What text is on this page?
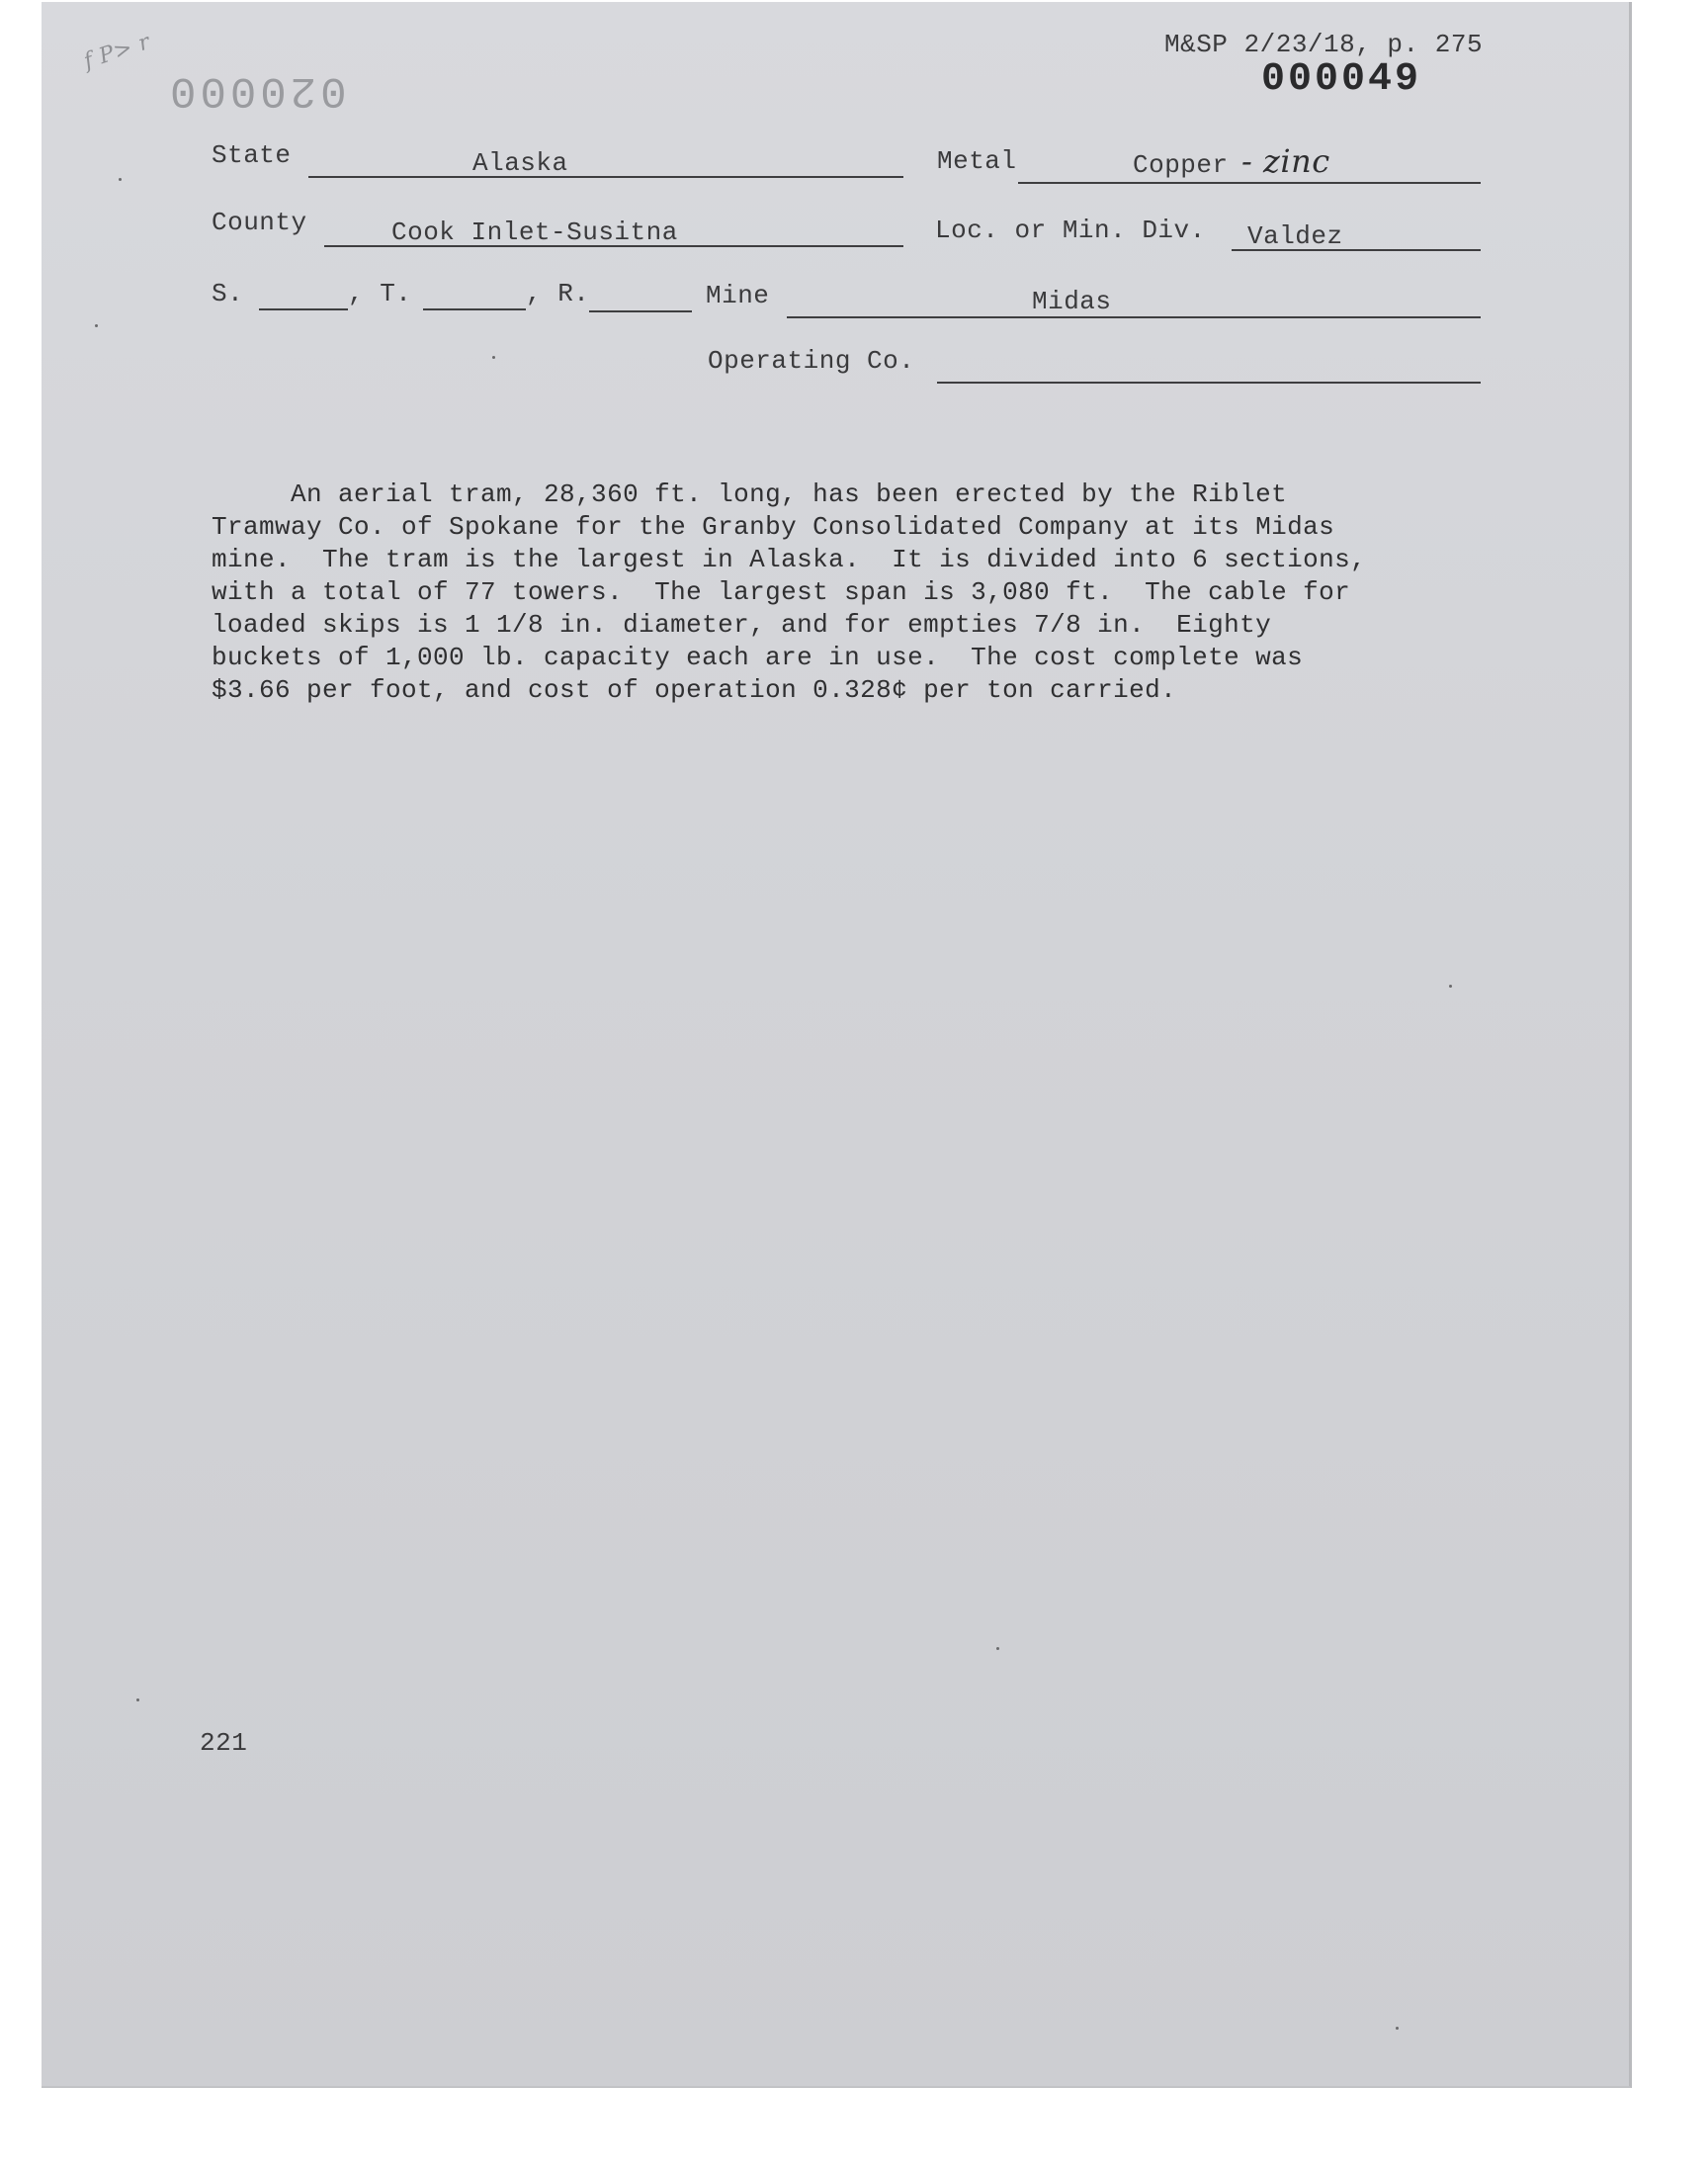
f P> r
020000
M&SP 2/23/18, p. 275
000049
State	Alaska	Metal	Copper - zinc
County	Cook Inlet-Susitna	Loc. or Min. Div. Valdez
S.	, T.	, R.	Mine	Midas
Operating Co.
An aerial tram, 28,360 ft. long, has been erected by the Riblet
Tramway Co. of Spokane for the Granby Consolidated Company at its Midas
mine.  The tram is the largest in Alaska.  It is divided into 6 sections,
with a total of 77 towers.  The largest span is 3,080 ft.  The cable for
loaded skips is 1 1/8 in. diameter, and for empties 7/8 in.  Eighty
buckets of 1,000 lb. capacity each are in use.  The cost complete was
$3.66 per foot, and cost of operation 0.328¢ per ton carried.
221
